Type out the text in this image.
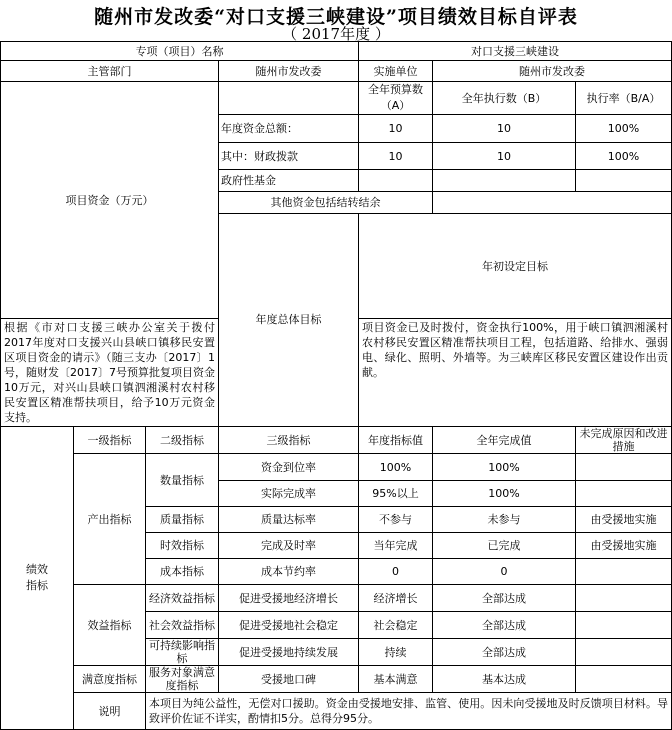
随州市发改委“对口支援三峡建设”项目绩效目标自评表
（ 2017年度 ）
专项（项目）名称				对口支援三峡建设			
主管部门			随州市发改委	实施单位	随州市发改委		
项目资金（万元）				全年预算数（A）	全年执行数（B）	执行率（B/A）	
			年度资金总额：	10	10	100%	
			其中：财政拨款	10	10	100%	
			政府性基金				
			其他资金包括结转结余				
			年度总体目标	年初设定目标	
根据《市对口支援三峡办公室关于拨付2017年度对口支援兴山县峡口镇移民安置区项目资金的请示》（随三支办〔2017〕1号，随财发〔2017〕7号预算批复项目资金10万元，对兴山县峡口镇泗湘溪村农村移民安置区精准帮扶项目，给予10万元资金支持。				项目资金已及时拨付，资金执行100%，用于峡口镇泗湘溪村农村移民安置区精准帮扶项目工程，包括道路、给排水、强弱电、绿化、照明、外墙等。为三峡库区移民安置区建设作出贡献。			
绩效指标	一级指标	二级指标	三级指标	年度指标值	全年完成值	未完成原因和改进措施	
	产出指标	数量指标	资金到位率	100%	100%		
			实际完成率	95%以上	100%		
		质量指标	质量达标率	不参与	未参与	由受援地实施	
		时效指标	完成及时率	当年完成	已完成	由受援地实施	
		成本指标	成本节约率	0	0		
	效益指标	经济效益指标	促进受援地经济增长	经济增长	全部达成		
		社会效益指标	促进受援地社会稳定	社会稳定	全部达成		
		可持续影响指标	促进受援地持续发展	持续	全部达成		
	满意度指标	服务对象满意度指标	受援地口碑	基本满意	基本达成		
	说明	本项目为纯公益性，无偿对口援助。资金由受援地安排、监管、使用。因未向受援地及时反馈项目材料。导致评价佐证不详实，酌情扣5分。总得分95分。					
